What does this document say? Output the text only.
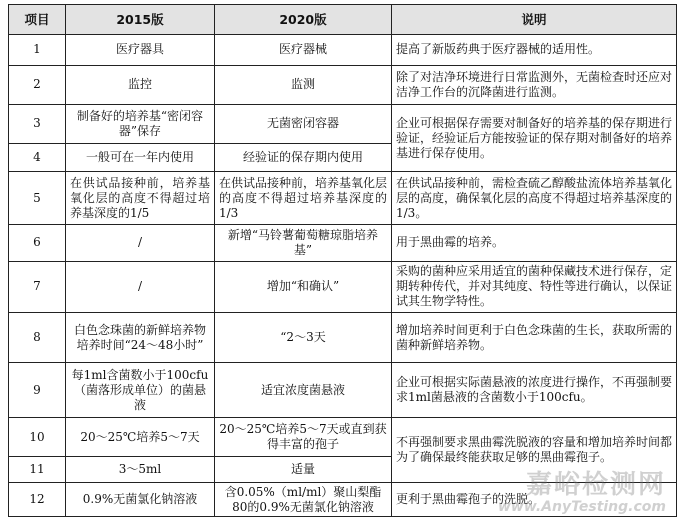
项目	2015版	2020版	说明
1	医疗器具	医疗器械	提高了新版药典于医疗器械的适用性。
2	监控	监测	除了对洁净环境进行日常监测外，无菌检查时还应对洁净工作台的沉降菌进行监测。
3	制备好的培养基“密闭容器”保存	无菌密闭容器	企业可根据保存需要对制备好的培养基的保存期进行验证，经验证后方能按验证的保存期对制备好的培养基进行保存使用。
4	一般可在一年内使用	经验证的保存期内使用	
5	在供试品接种前，培养基氧化层的高度不得超过培养基深度的1/5	在供试品接种前，培养基氧化层的高度不得超过培养基深度的1/3	在供试品接种前，需检查硫乙醇酸盐流体培养基氧化层的高度，确保氧化层的高度不得超过培养基深度的1/3。
6	/	新增“马铃薯葡萄糖琼脂培养基”	用于黑曲霉的培养。
7	/	增加“和确认”	采购的菌种应采用适宜的菌种保藏技术进行保存，定期转种传代，并对其纯度、特性等进行确认，以保证试其生物学特性。
8	白色念珠菌的新鲜培养物培养时间“24～48小时”	“2～3天	增加培养时间更利于白色念珠菌的生长，获取所需的菌种新鲜培养物。
9	每1ml含菌数小于100cfu（菌落形成单位）的菌悬液	适宜浓度菌悬液	企业可根据实际菌悬液的浓度进行操作，不再强制要求1ml菌悬液的含菌数小于100cfu。
10	20～25℃培养5～7天	20～25℃培养5～7天或直到获得丰富的孢子	不再强制要求黑曲霉洗脱液的容量和增加培养时间都为了确保最终能获取足够的黑曲霉孢子。
11	3～5ml	适量	
12	0.9%无菌氯化钠溶液	含0.05%（ml/ml）聚山梨酯80的0.9%无菌氯化钠溶液	更利于黑曲霉孢子的洗脱。
嘉峪检测网
www.AnyTesting.com
